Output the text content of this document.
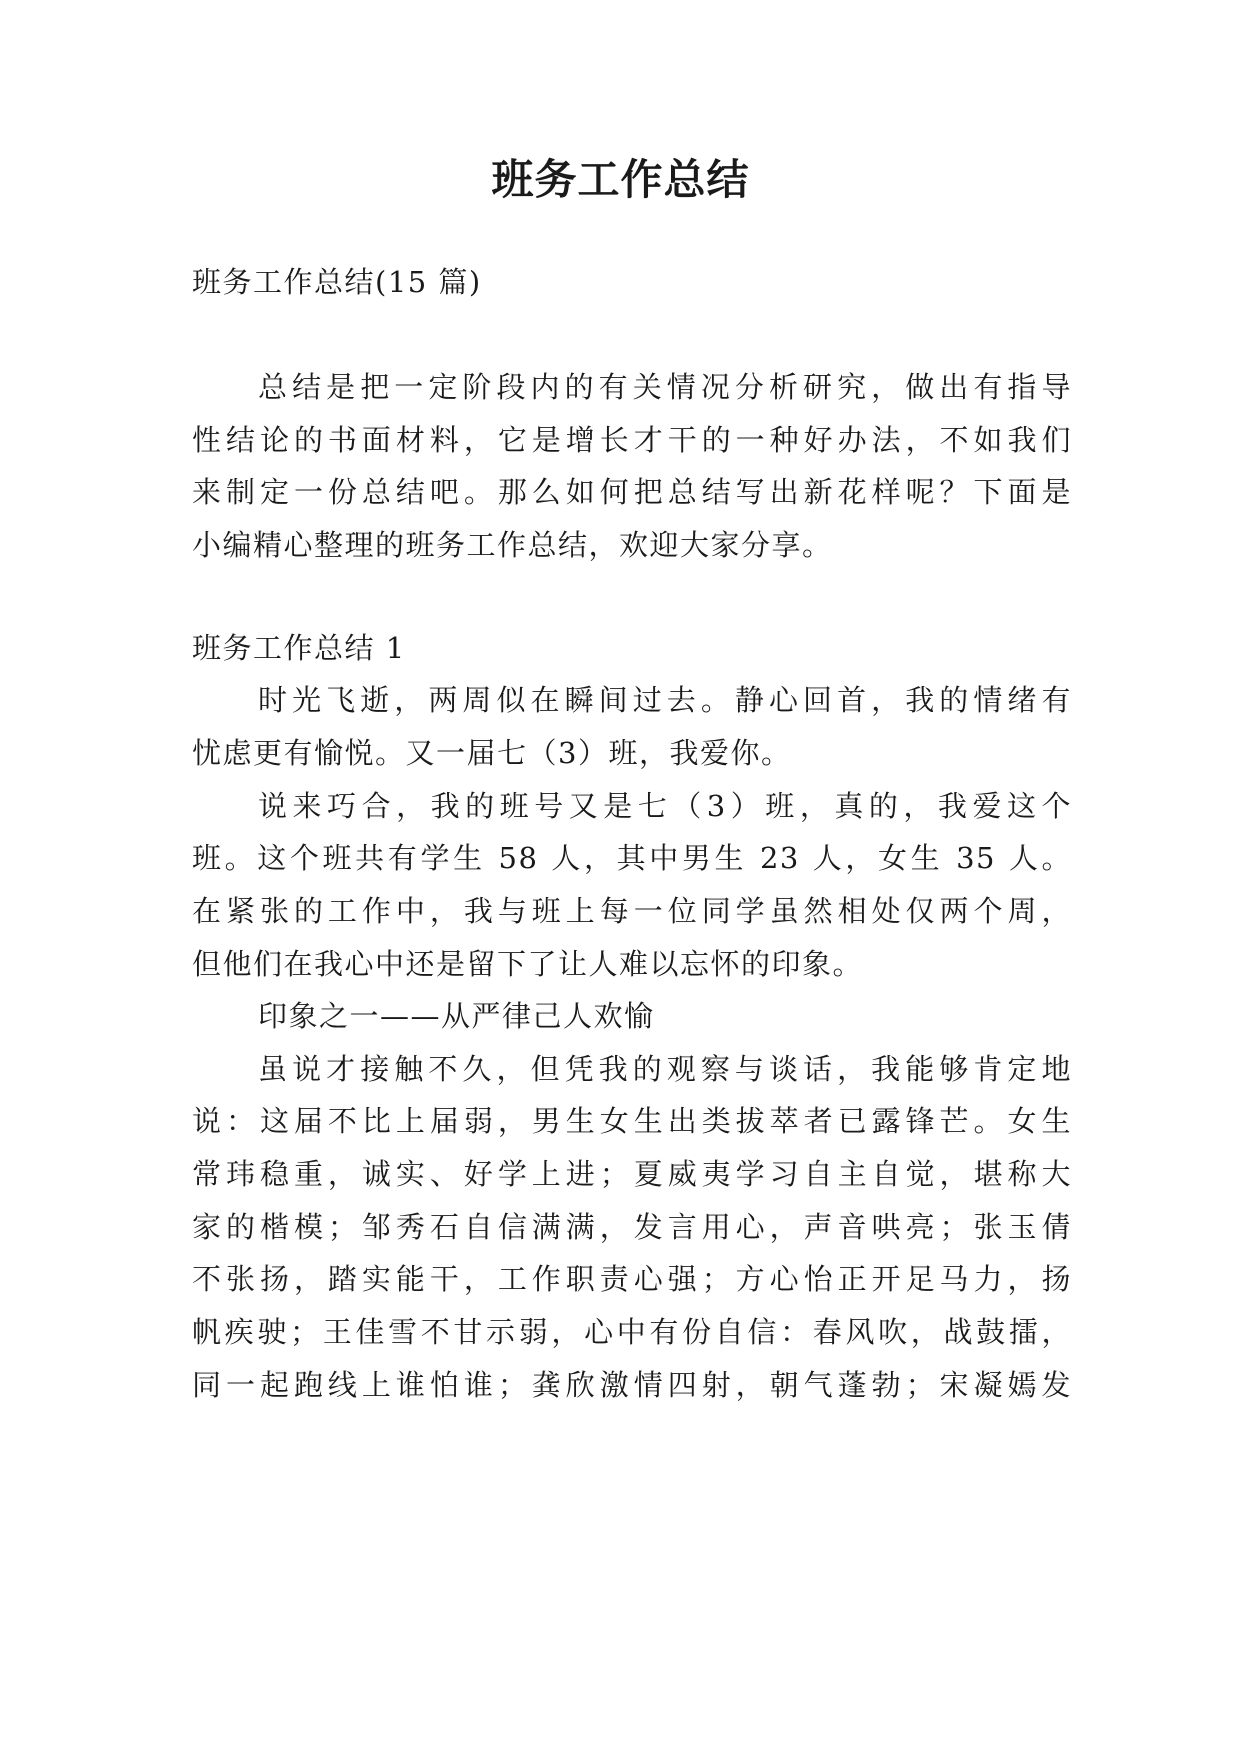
班务工作总结

班务工作总结(15 篇)

总结是把一定阶段内的有关情况分析研究，做出有指导

性结论的书面材料，它是增长才干的一种好办法，不如我们

来制定一份总结吧。那么如何把总结写出新花样呢？下面是

小编精心整理的班务工作总结，欢迎大家分享。

班务工作总结 1

时光飞逝，两周似在瞬间过去。静心回首，我的情绪有

忧虑更有愉悦。又一届七（3）班，我爱你。

说来巧合，我的班号又是七（3）班，真的，我爱这个

班。这个班共有学生 58 人，其中男生 23 人，女生 35 人。

在紧张的工作中，我与班上每一位同学虽然相处仅两个周，

但他们在我心中还是留下了让人难以忘怀的印象。

印象之一——从严律己人欢愉

虽说才接触不久，但凭我的观察与谈话，我能够肯定地

说：这届不比上届弱，男生女生出类拔萃者已露锋芒。女生

常玮稳重，诚实、好学上进；夏威夷学习自主自觉，堪称大

家的楷模；邹秀石自信满满，发言用心，声音哄亮；张玉倩

不张扬，踏实能干，工作职责心强；方心怡正开足马力，扬

帆疾驶；王佳雪不甘示弱，心中有份自信：春风吹，战鼓擂，

同一起跑线上谁怕谁；龚欣激情四射，朝气蓬勃；宋凝嫣发
